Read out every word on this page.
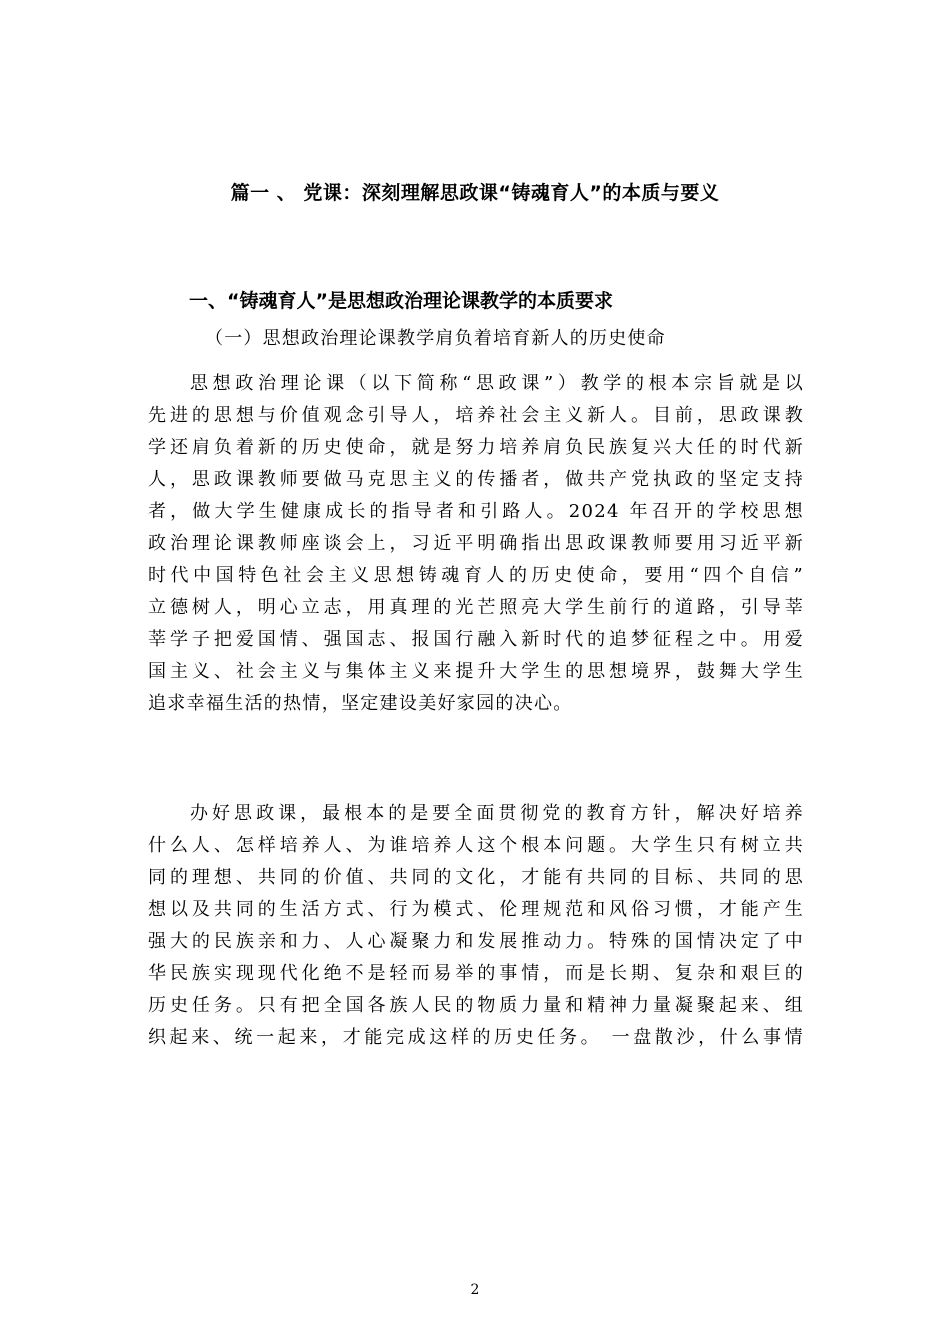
篇一 、 党课：深刻理解思政课“铸魂育人”的本质与要义
一、“铸魂育人”是思想政治理论课教学的本质要求
（一）思想政治理论课教学肩负着培育新人的历史使命
思想政治理论课（以下简称“思政课”）教学的根本宗旨就是以
先进的思想与价值观念引导人，培养社会主义新人。目前，思政课教
学还肩负着新的历史使命，就是努力培养肩负民族复兴大任的时代新
人，思政课教师要做马克思主义的传播者，做共产党执政的坚定支持
者，做大学生健康成长的指导者和引路人。2024 年召开的学校思想
政治理论课教师座谈会上，习近平明确指出思政课教师要用习近平新
时代中国特色社会主义思想铸魂育人的历史使命，要用“四个自信”
立德树人，明心立志，用真理的光芒照亮大学生前行的道路，引导莘
莘学子把爱国情、强国志、报国行融入新时代的追梦征程之中。用爱
国主义、社会主义与集体主义来提升大学生的思想境界，鼓舞大学生
追求幸福生活的热情，坚定建设美好家园的决心。
办好思政课，最根本的是要全面贯彻党的教育方针，解决好培养
什么人、怎样培养人、为谁培养人这个根本问题。大学生只有树立共
同的理想、共同的价值、共同的文化，才能有共同的目标、共同的思
想以及共同的生活方式、行为模式、伦理规范和风俗习惯，才能产生
强大的民族亲和力、人心凝聚力和发展推动力。特殊的国情决定了中
华民族实现现代化绝不是轻而易举的事情，而是长期、复杂和艰巨的
历史任务。只有把全国各族人民的物质力量和精神力量凝聚起来、组
织起来、统一起来，才能完成这样的历史任务。 一盘散沙，什么事情
2
